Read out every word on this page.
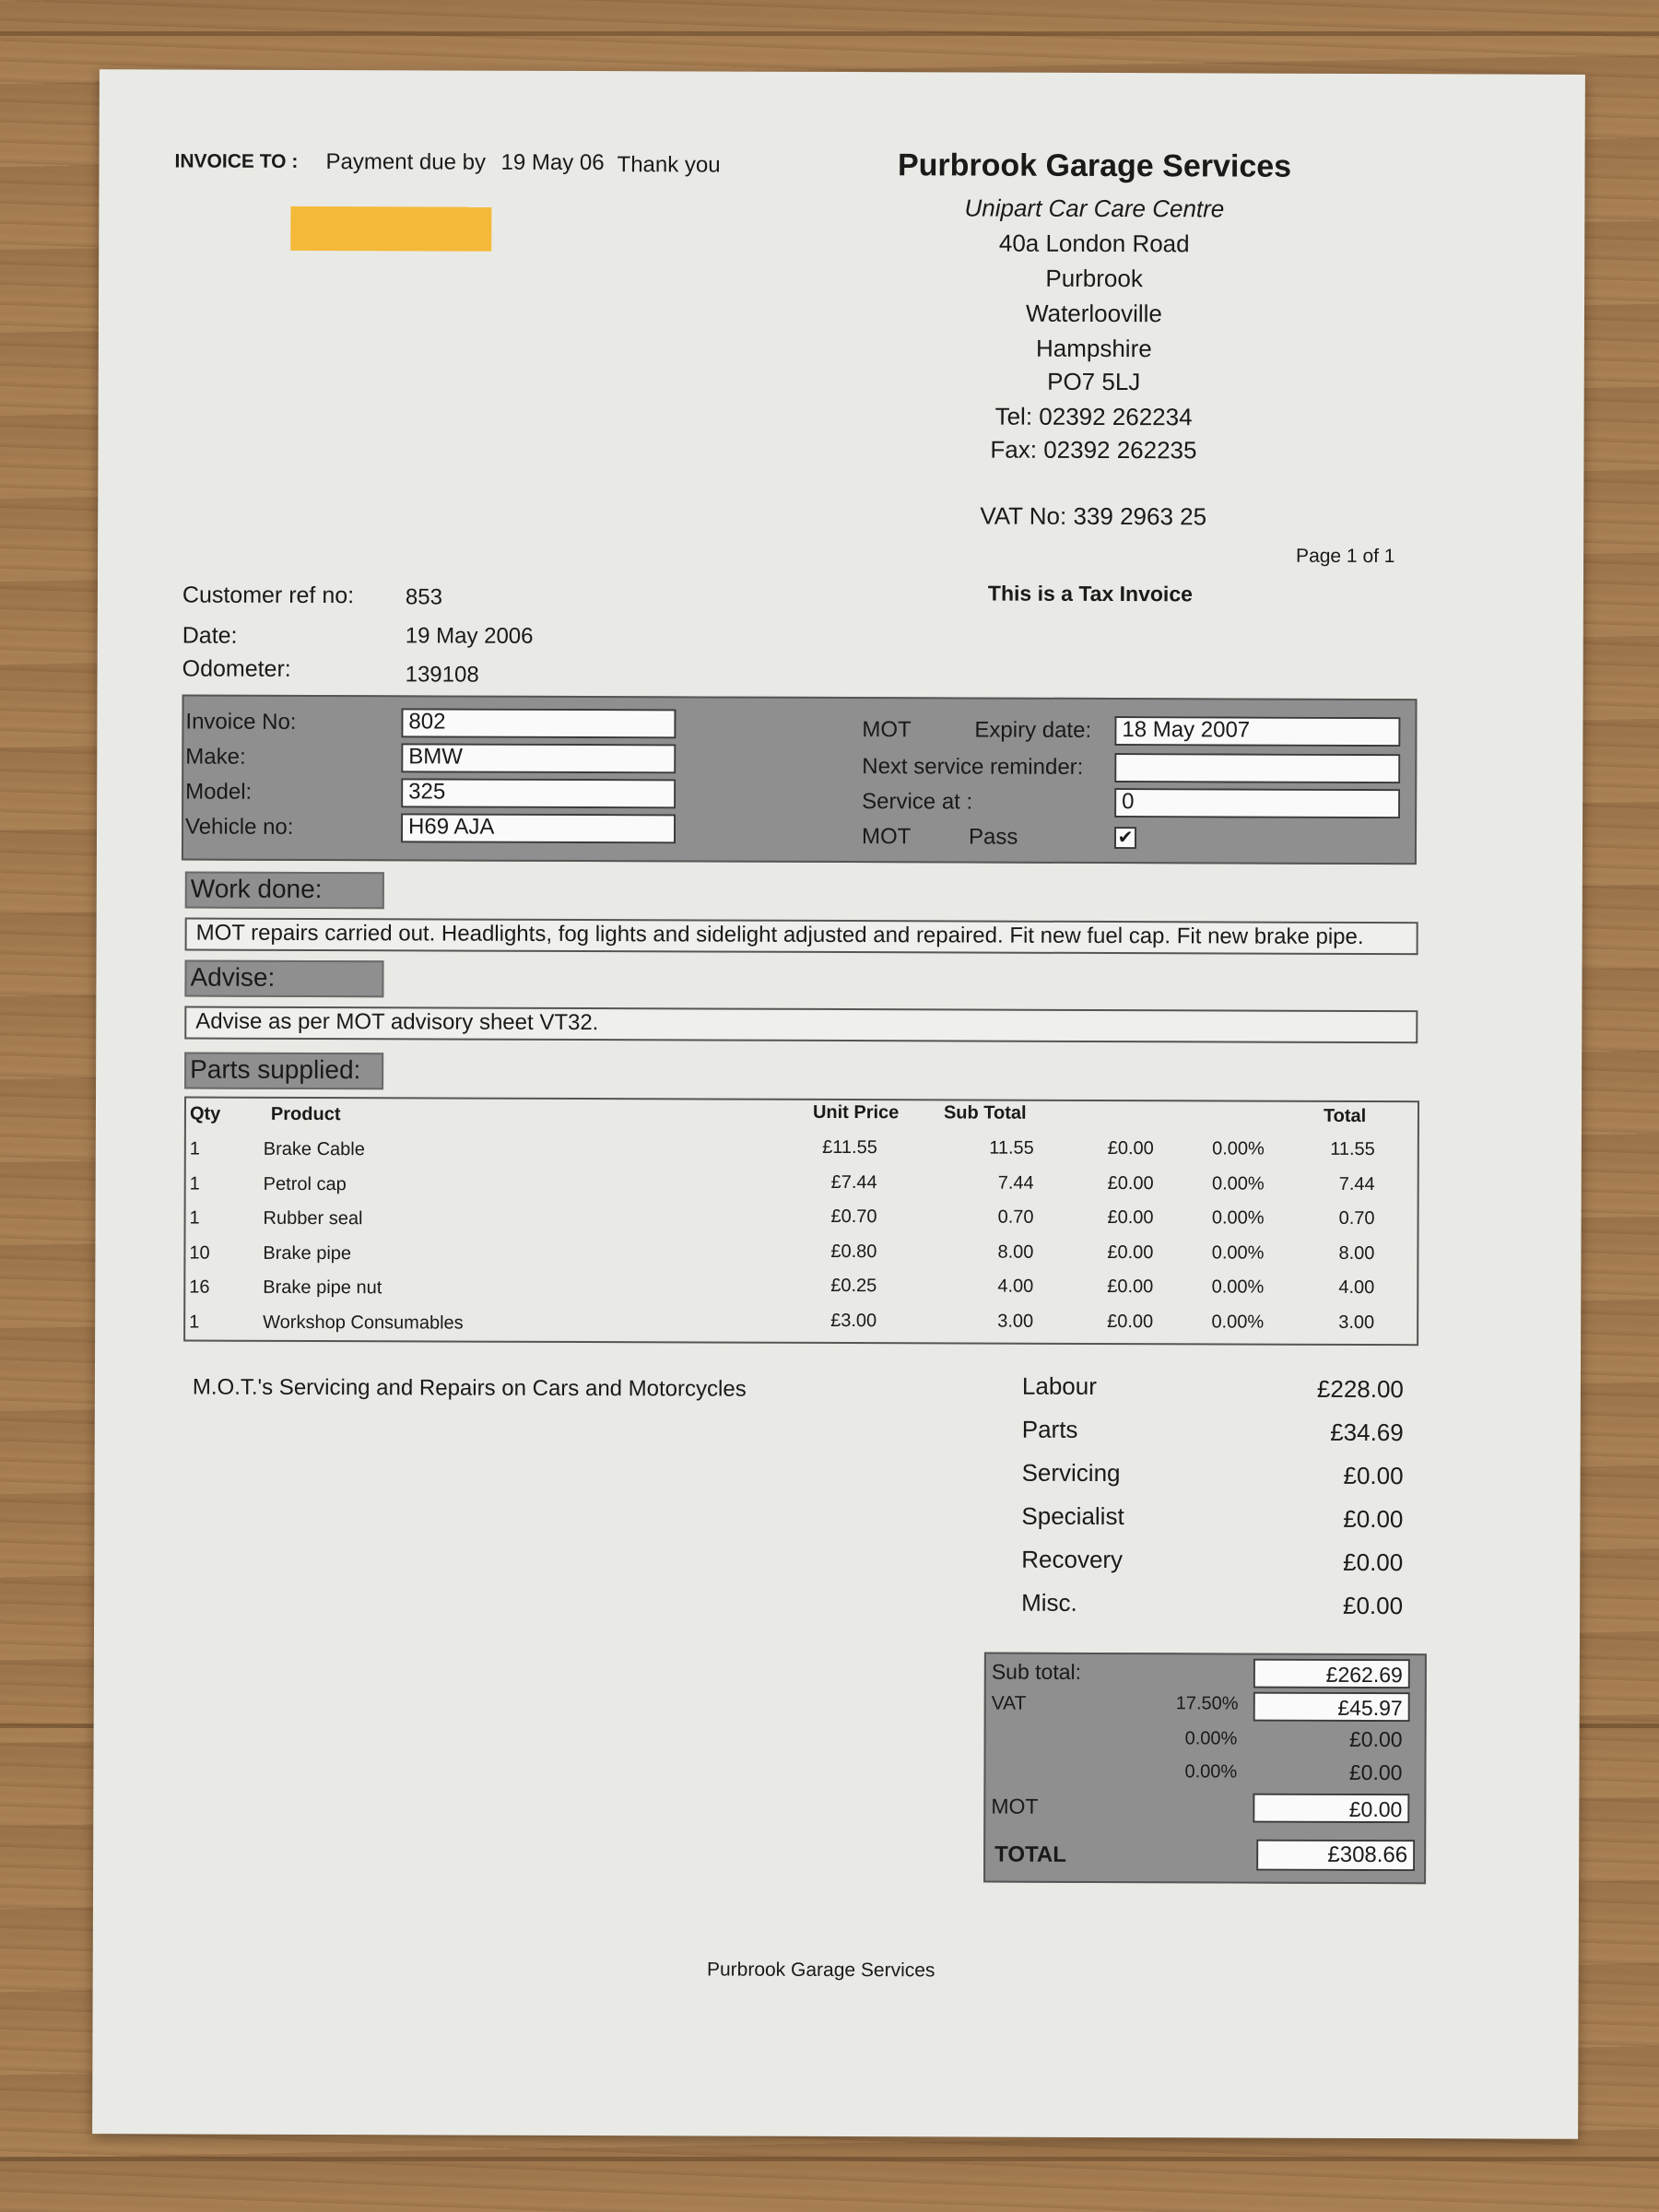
INVOICE TO : Payment due by 19 May 06 Thank you	Purbrook Garage Services
Unipart Car Care Centre
40a London Road
Purbrook
Waterlooville
Hampshire
PO7 5LJ
Tel: 02392 262234
Fax: 02392 262235
VAT No: 339 2963 25
Page 1 of 1
This is a Tax Invoice
Customer ref no: 853
Date:	19 May 2006
Odometer:	139108
Invoice No:	802
Make:	BMW
Model:	325
Vehicle no:	H69 AJA
MOT	Expiry date:	18 May 2007
Next service reminder:
Service at :	0
MOT	Pass	✔
Work done:
MOT repairs carried out. Headlights, fog lights and sidelight adjusted and repaired. Fit new fuel cap. Fit new brake pipe.
Advise:
Advise as per MOT advisory sheet VT32.
Parts supplied:
Qty	Product	Unit Price Sub Total	Total
1	Brake Cable	£11.55	11.55	£0.00	0.00%	11.55
1	Petrol cap	£7.44	7.44	£0.00	0.00%	7.44
1	Rubber seal	£0.70	0.70	£0.00	0.00%	0.70
10	Brake pipe	£0.80	8.00	£0.00	0.00%	8.00
16	Brake pipe nut	£0.25	4.00	£0.00	0.00%	4.00
1	Workshop Consumables	£3.00	3.00	£0.00	0.00%	3.00
M.O.T.'s Servicing and Repairs on Cars and Motorcycles	Labour	£228.00
Parts	£34.69
Servicing	£0.00
Specialist	£0.00
Recovery	£0.00
Misc.	£0.00
Sub total:	£262.69
VAT	17.50%	£45.97
0.00%	£0.00
0.00%	£0.00
MOT	£0.00
TOTAL	£308.66
Purbrook Garage Services
